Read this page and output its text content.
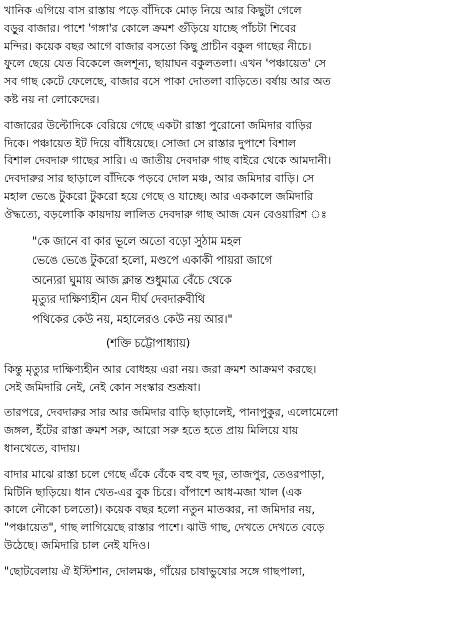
খানিক এগিয়ে বাস রাস্তায় পড়ে বাঁদিকে মোড় নিয়ে আর কিছুটা গেলে
বড়ুর বাজার। পাশে 'গঙ্গা'র কোলে ক্রমশ গুঁড়িয়ে যাচ্ছে পাঁচটা শিবের
মন্দির। কয়েক বছর আগে বাজার বসতো কিছু প্রাচীন বকুল গাছের নীচে।
ফুলে ছেয়ে যেত বিকেলে জলশূন্য, ছায়াঘন বকুলতলা। এখন 'পঞ্চায়েত' সে
সব গাছ কেটে ফেলেছে, বাজার বসে পাকা দোতলা বাড়িতে। বর্ষায় আর অত
কষ্ট নয় না লোকেদের।
বাজারের উল্টোদিকে বেরিয়ে গেছে একটা রাস্তা পুরোনো জমিদার বাড়ির
দিকে। পঞ্চায়েত ইট দিয়ে বাঁধিয়েছে। সোজা সে রাস্তার দুপাশে বিশাল
বিশাল দেবদারু গাছের সারি। এ জাতীয় দেবদারু গাছ বাইরে থেকে আমদানী।
দেবদারুর সার ছাড়ালে বাঁদিকে পড়বে দোল মঞ্চ, আর জমিদার বাড়ি। সে
মহাল ভেঙে টুকরো টুকরো হয়ে গেছে ও যাচ্ছে। আর এককালে জমিদারি
ঔদ্ধত্যে, বড়লোকি কায়দায় লালিত দেবদারু গাছ আজ যেন বেওয়ারিশ ঃ
"কে জানে বা কার ভূলে অতো বড়ো সুঠাম মহল
ভেঙে ভেঙে টুকরো হলো, মণ্ডপে একাকী পায়রা জাগে
অন্যেরা ঘুমায় আজ ক্লান্ত শুধুমাত্র বেঁচে থেকে
মৃত্যুর দাক্ষিণ্যহীন যেন দীর্ঘ দেবদারুবীথি
পথিকের কেউ নয়, মহালেরও কেউ নয় আর।"
(শক্তি চট্টোপাধ্যায়)
কিন্তু মৃত্যুর দাক্ষিণ্যহীন আর বোধহয় এরা নয়। জরা ক্রমশ আক্রমণ করছে।
সেই জমিদারি নেই, নেই কোন সংস্কার শুশ্রূষা।
তারপরে, দেবদারুর সার আর জমিদার বাড়ি ছাড়ালেই, পানাপুকুর, এলোমেলো
জঙ্গল, ইঁটের রাস্তা ক্রমশ সরু, আরো সরু হতে হতে প্রায় মিলিয়ে যায়
ধানখেতে, বাদায়।
বাদার মাঝে রাস্তা চলে গেছে এঁকে বেঁকে বহু বহু দূর, তাজপুর, তেওরপাড়া,
মিটিনি ছাড়িয়ে। ধান খেত-এর বুক চিরে। বাঁপাশে আধ-মজা খাল (এক
কালে নৌকো চলতো)। কয়েক বছর হলো নতুন মাতব্বর, না জমিদার নয়,
"পঞ্চায়েত", গাছ লাগিয়েছে রাস্তার পাশে। ঝাউ গাছ, দেখতে দেখতে বেড়ে
উঠেছে। জমিদারি চাল নেই যদিও।
"ছোটবেলায় ঐ ইস্টিশান, দোলমঞ্চ, গাঁয়ের চাষাভুষোর সঙ্গে গাছপালা,
